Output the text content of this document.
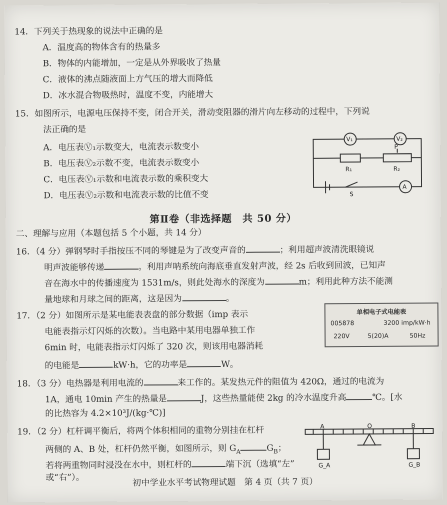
14．下列关于热现象的说法中正确的是
A．温度高的物体含有的热量多
B．物体的内能增加，一定是从外界吸收了热量
C．液体的沸点随液面上方气压的增大而降低
D．冰水混合物吸热时，温度不变，内能增大
15．如图所示，电源电压保持不变，闭合开关，滑动变阻器的滑片向左移动的过程中，下列说
法正确的是
A．电压表Ⓥ₁示数变大，电流表示数变小
B．电压表Ⓥ₂示数不变，电流表示数变小
C．电压表Ⓥ₁示数和电流表示数的乘积变大
D．电压表Ⓥ₂示数和电流表示数的比值不变
V₁	V₂
R₁	R₂
P
A
S
第Ⅱ卷（非选择题　共 50 分）
二、理解与应用（本题包括 5 个小题，共 14 分）
16．（4 分）弹钢琴时手指按压不同的琴键是为了改变声音的	；利用超声波清洗眼镜说
明声波能够传递	。利用声呐系统向海底垂直发射声波，经 2s 后收到回波，已知声
音在海水中的传播速度为 1531m/s，则此处海水的深度为	m；利用此种方法不能测
量地球和月球之间的距离，这是因为	。
17．（2 分）如图所示是某电能表表盘的部分数据（imp 表示
电能表指示灯闪烁的次数）。当电路中某用电器单独工作
6min 时，电能表指示灯闪烁了 320 次，则该用电器消耗
的电能是	kW·h，它的功率是	W。
单相电子式电能表
005878	3200 imp/kW·h
220V	5(20)A	50Hz
18．（3 分）电热器是利用电流的	来工作的。某发热元件的阻值为 420Ω，通过的电流为
1A，通电 10min 产生的热量是	J，这些热量能使 2kg 的冷水温度升高	℃。[水
的比热容为 4.2×10³J/(kg·℃)]
19．（2 分）杠杆调平衡后，将两个体积相同的重物分别挂在杠杆
两侧的 A、B 处，杠杆仍然平衡，如图所示，则 $G_A$	$G_B$；
若将两重物同时浸没在水中，则杠杆的	端下沉（选填“左”
或“右”）。
A	B
O
G_A	G_B
初中学业水平考试物理试题　第 4 页（共 7 页）
